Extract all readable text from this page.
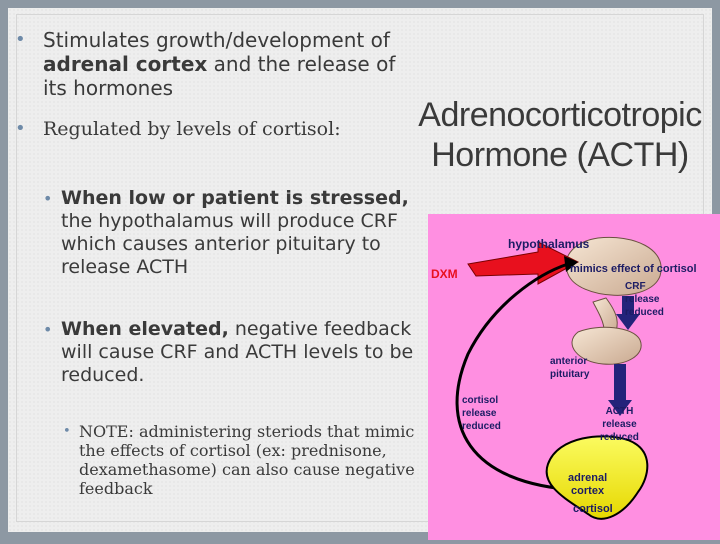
• Stimulates growth/development of
adrenal cortex and the release of its hormones
• Regulated by levels of cortisol:	Adrenocorticotropic
Hormone (ACTH)
• When low or patient is stressed, the hypothalamus will produce CRF which causes anterior pituitary to release ACTH
• When elevated, negative feedback will cause CRF and ACTH levels to be reduced.
• NOTE: administering steriods that mimic the effects of cortisol (ex: prednisone, dexamethasome) can also cause negative feedback
hypothalamus
DXM	mimics effect of cortisol
CRF
release
reduced
anterior
pituitary
cortisol
release
reduced
ACTH
release
reduced
adrenal
cortex
cortisol
